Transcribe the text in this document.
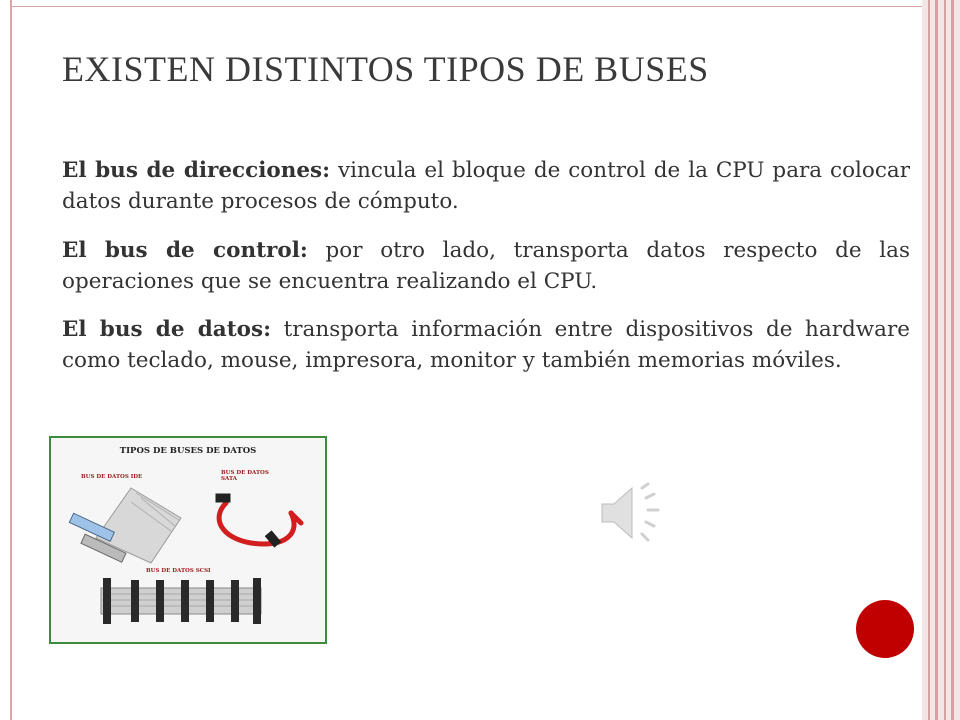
EXISTEN DISTINTOS TIPOS DE BUSES

El bus de direcciones: vincula el bloque de control de la CPU para colocar datos durante procesos de cómputo.

El bus de control: por otro lado, transporta datos respecto de las operaciones que se encuentra realizando el CPU.

El bus de datos: transporta información entre dispositivos de hardware como teclado, mouse, impresora, monitor y también memorias móviles.

TIPOS DE BUSES DE DATOS
BUS DE DATOS IDE
BUS DE DATOS
SATA
BUS DE DATOS SCSI
